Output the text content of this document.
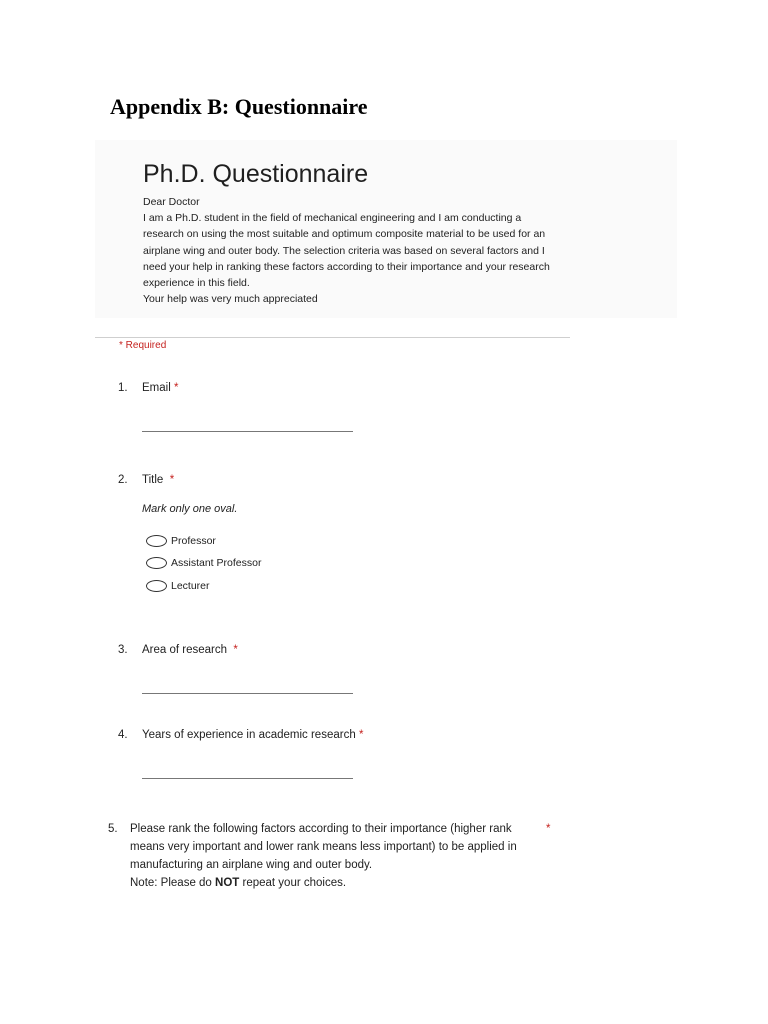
Appendix B: Questionnaire
Ph.D. Questionnaire

Dear Doctor

I am a Ph.D. student in the field of mechanical engineering and I am conducting a

research on using the most suitable and optimum composite material to be used for an

airplane wing and outer body. The selection criteria was based on several factors and I

need your help in ranking these factors according to their importance and your research

experience in this field.

Your help was very much appreciated

* Required
1. Email *
2. Title *
Mark only one oval.
Professor
Assistant Professor
Lecturer
3. Area of research *
4. Years of experience in academic research *
5. Please rank the following factors according to their importance (higher rank

means very important and lower rank means less important) to be applied in

manufacturing an airplane wing and outer body.

Note: Please do NOT repeat your choices.
*
